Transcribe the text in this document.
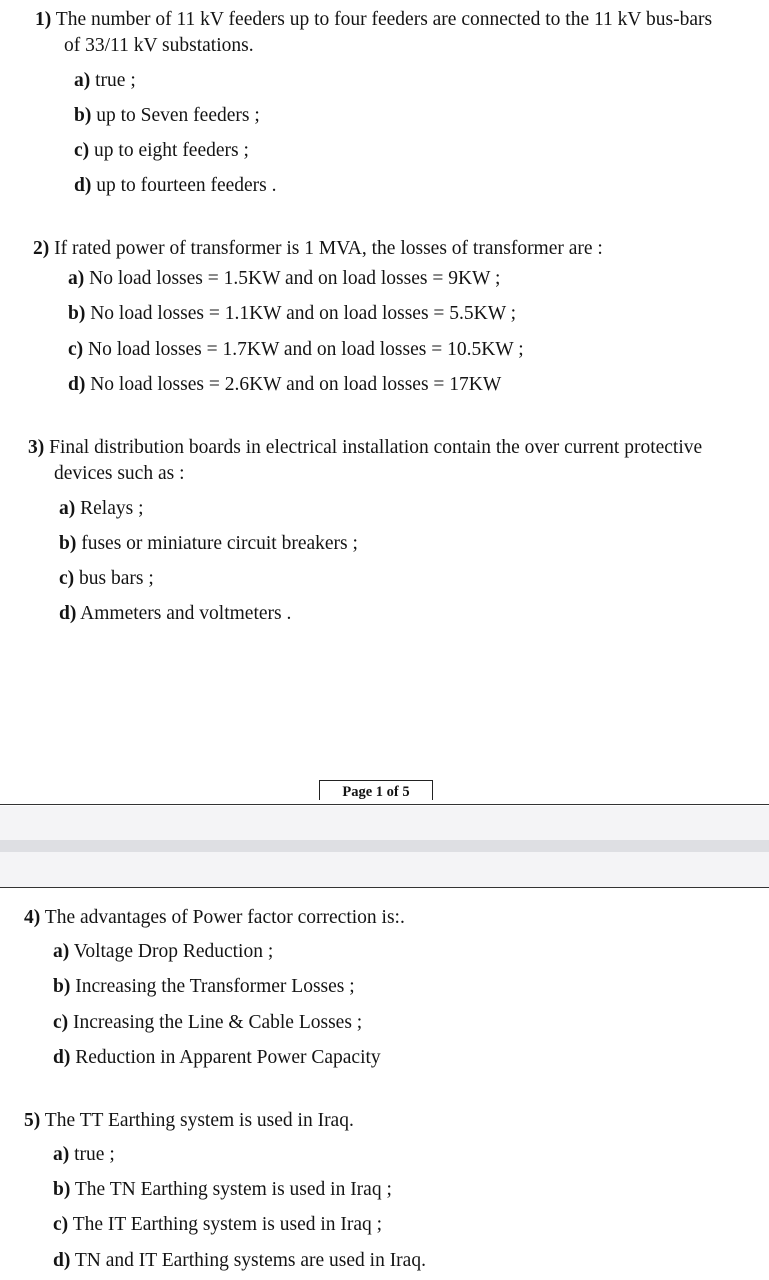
1) The number of 11 kV feeders up to four feeders are connected to the 11 kV bus-bars
of 33/11 kV substations.
a) true ;
b) up to Seven feeders ;
c) up to eight feeders ;
d) up to fourteen feeders .
2) If rated power of transformer is 1 MVA, the losses of transformer are :
a) No load losses = 1.5KW and on load losses = 9KW ;
b) No load losses = 1.1KW and on load losses = 5.5KW ;
c) No load losses = 1.7KW and on load losses = 10.5KW ;
d) No load losses = 2.6KW and on load losses = 17KW
3) Final distribution boards in electrical installation contain the over current protective
devices such as :
a) Relays ;
b) fuses or miniature circuit breakers ;
c) bus bars ;
d) Ammeters and voltmeters .
Page 1 of 5
4) The advantages of Power factor correction is:.
a) Voltage Drop Reduction ;
b) Increasing the Transformer Losses ;
c) Increasing the Line & Cable Losses ;
d) Reduction in Apparent Power Capacity
5) The TT Earthing system is used in Iraq.
a) true ;
b) The TN Earthing system is used in Iraq ;
c) The IT Earthing system is used in Iraq ;
d) TN and IT Earthing systems are used in Iraq.
